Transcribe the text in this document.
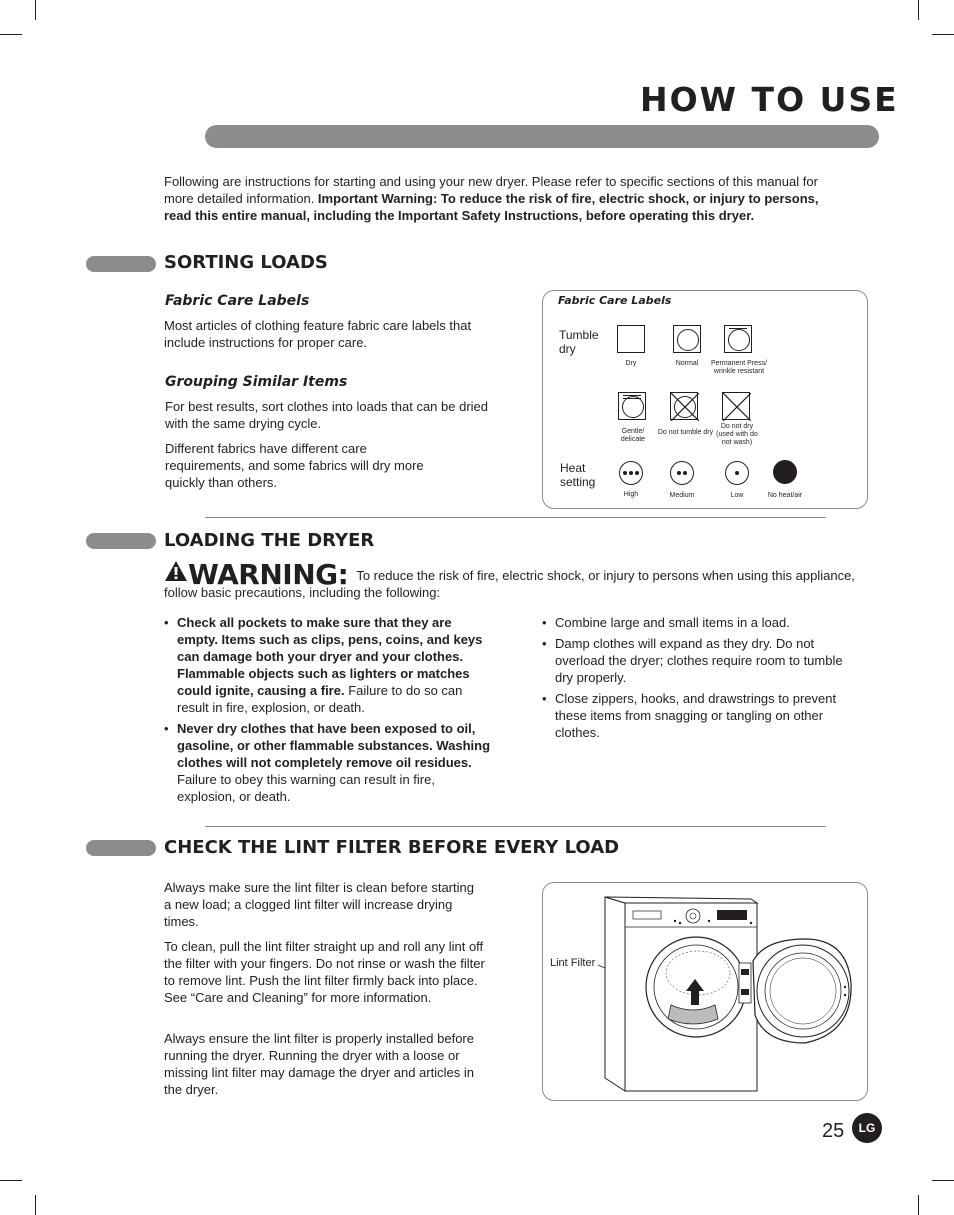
HOW TO USE
Following are instructions for starting and using your new dryer. Please refer to specific sections of this manual for more detailed information. Important Warning: To reduce the risk of fire, electric shock, or injury to persons, read this entire manual, including the Important Safety Instructions, before operating this dryer.
SORTING LOADS
Fabric Care Labels
Most articles of clothing feature fabric care labels that include instructions for proper care.
Grouping Similar Items
For best results, sort clothes into loads that can be dried with the same drying cycle.
Different fabrics have different care requirements, and some fabrics will dry more quickly than others.
Fabric Care Labels
Tumble dry
Dry	Normal	Permanent Press/ wrinkle resistant
Gentle/ delicate
Do not tumble dry
Do not dry (used with do not wash)
Heat setting
High	Medium	Low	No heat/air
LOADING THE DRYER
WARNING: To reduce the risk of fire, electric shock, or injury to persons when using this appliance, follow basic precautions, including the following:
• Check all pockets to make sure that they are empty. Items such as clips, pens, coins, and keys can damage both your dryer and your clothes. Flammable objects such as lighters or matches could ignite, causing a fire. Failure to do so can result in fire, explosion, or death.
• Never dry clothes that have been exposed to oil, gasoline, or other flammable substances. Washing clothes will not completely remove oil residues. Failure to obey this warning can result in fire, explosion, or death.
• Combine large and small items in a load.
• Damp clothes will expand as they dry. Do not overload the dryer; clothes require room to tumble dry properly.
• Close zippers, hooks, and drawstrings to prevent these items from snagging or tangling on other clothes.
CHECK THE LINT FILTER BEFORE EVERY LOAD
Always make sure the lint filter is clean before starting a new load; a clogged lint filter will increase drying times.
To clean, pull the lint filter straight up and roll any lint off the filter with your fingers. Do not rinse or wash the filter to remove lint. Push the lint filter firmly back into place. See “Care and Cleaning” for more information.
Always ensure the lint filter is properly installed before running the dryer. Running the dryer with a loose or missing lint filter may damage the dryer and articles in the dryer.
Lint Filter
25	LG
